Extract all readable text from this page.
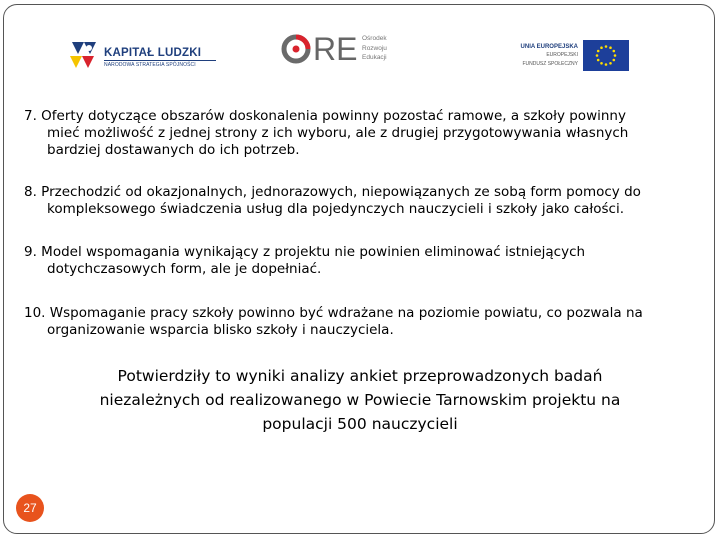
KAPITAŁ LUDZKI
NARODOWA STRATEGIA SPÓJNOŚCI	RE Ośrodek
Rozwoju
Edukacji
UNIA EUROPEJSKA
EUROPEJSKI
FUNDUSZ SPOŁECZNY

7. Oferty dotyczące obszarów doskonalenia powinny pozostać ramowe, a szkoły powinny
mieć możliwość z jednej strony z ich wyboru, ale z drugiej przygotowywania własnych
bardziej dostawanych do ich potrzeb.

8. Przechodzić od okazjonalnych, jednorazowych, niepowiązanych ze sobą form pomocy do
kompleksowego świadczenia usług dla pojedynczych nauczycieli i szkoły jako całości.

9. Model wspomagania wynikający z projektu nie powinien eliminować istniejących
dotychczasowych form, ale je dopełniać.

10. Wspomaganie pracy szkoły powinno być wdrażane na poziomie powiatu, co pozwala na
organizowanie wsparcia blisko szkoły i nauczyciela.

Potwierdziły to wyniki analizy ankiet przeprowadzonych badań
niezależnych od realizowanego w Powiecie Tarnowskim projektu na
populacji 500 nauczycieli

27
